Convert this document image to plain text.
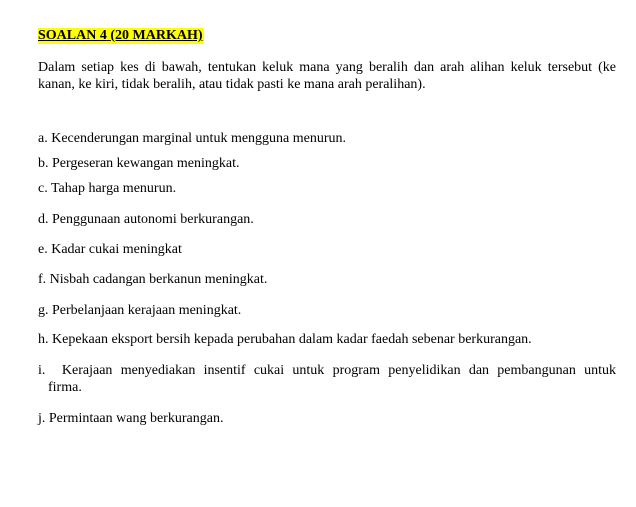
SOALAN 4 (20 MARKAH)

Dalam setiap kes di bawah, tentukan keluk mana yang beralih dan arah alihan keluk tersebut (ke kanan, ke kiri, tidak beralih, atau tidak pasti ke mana arah peralihan).

a. Kecenderungan marginal untuk mengguna menurun.

b. Pergeseran kewangan meningkat.

c. Tahap harga menurun.

d. Penggunaan autonomi berkurangan.

e. Kadar cukai meningkat

f. Nisbah cadangan berkanun meningkat.

g. Perbelanjaan kerajaan meningkat.

h. Kepekaan eksport bersih kepada perubahan dalam kadar faedah sebenar berkurangan.

i.  Kerajaan menyediakan insentif cukai untuk program penyelidikan dan pembangunan untuk
firma.

j. Permintaan wang berkurangan.
